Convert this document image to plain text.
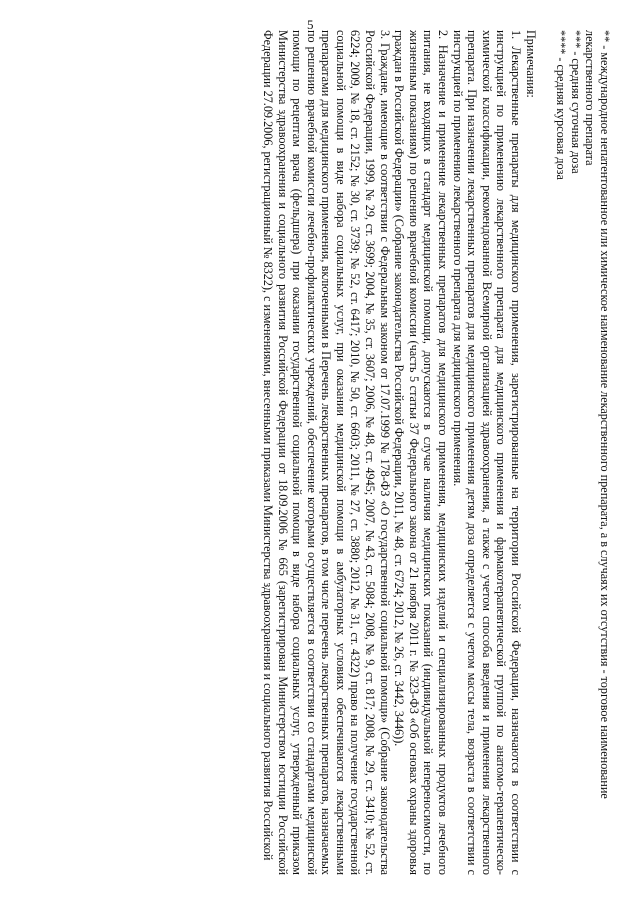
5
** - международное непатентованное или химическое наименование лекарственного препарата, а в случаях их отсутствия - торговое наименование лекарственного препарата
*** - средняя суточная доза
**** - средняя курсовая доза

Примечания:

1. Лекарственные препараты для медицинского применения, зарегистрированные на территории Российской Федерации, назначаются в соответствии с инструкцией по применению лекарственного препарата для медицинского применения и фармакотерапевтической группой по анатомо-терапевтическо-химической классификации, рекомендованной Всемирной организацией здравоохранения, а также с учетом способа введения и применения лекарственного препарата. При назначении лекарственных препаратов для медицинского применения детям доза определяется с учетом массы тела, возраста в соответствии с инструкцией по применению лекарственного препарата для медицинского применения.

2. Назначение и применение лекарственных препаратов для медицинского применения, медицинских изделий и специализированных продуктов лечебного питания, не входящих в стандарт медицинской помощи, допускаются в случае наличия медицинских показаний (индивидуальной непереносимости, по жизненным показаниям) по решению врачебной комиссии (часть 5 статьи 37 Федерального закона от 21 ноября 2011 г. № 323-ФЗ «Об основах охраны здоровья граждан в Российской Федерации» (Собрание законодательства Российской Федерации, 2011, № 48, ст. 6724; 2012, № 26, ст. 3442, 3446)).

3. Граждане, имеющие в соответствии с Федеральным законом от 17.07.1999 № 178-ФЗ «О государственной социальной помощи» (Собрание законодательства Российской Федерации, 1999, № 29, ст. 3699; 2004, № 35, ст. 3607; 2006, № 48, ст. 4945; 2007, № 43, ст. 5084; 2008, № 9, ст. 817; 2008, № 29, ст. 3410; № 52, ст. 6224; 2009, № 18, ст. 2152; № 30, ст. 3739; № 52, ст. 6417; 2010, № 50, ст. 6603; 2011, № 27, ст. 3880; 2012, № 31, ст. 4322) право на получение государственной социальной помощи в виде набора социальных услуг, при оказании медицинской помощи в амбулаторных условиях обеспечиваются лекарственными препаратами для медицинского применения, включенными в Перечень лекарственных препаратов, в том числе перечень лекарственных препаратов, назначаемых по решению врачебной комиссии лечебно-профилактических учреждений, обеспечение которыми осуществляется в соответствии со стандартами медицинской помощи по рецептам врача (фельдшера) при оказании государственной социальной помощи в виде набора социальных услуг, утвержденный приказом Министерства здравоохранения и социального развития Российской Федерации от 18.09.2006 № 665 (зарегистрирован Министерством юстиции Российской Федерации 27.09.2006, регистрационный № 8322), с изменениями, внесенными приказами Министерства здравоохранения и социального развития Российской
